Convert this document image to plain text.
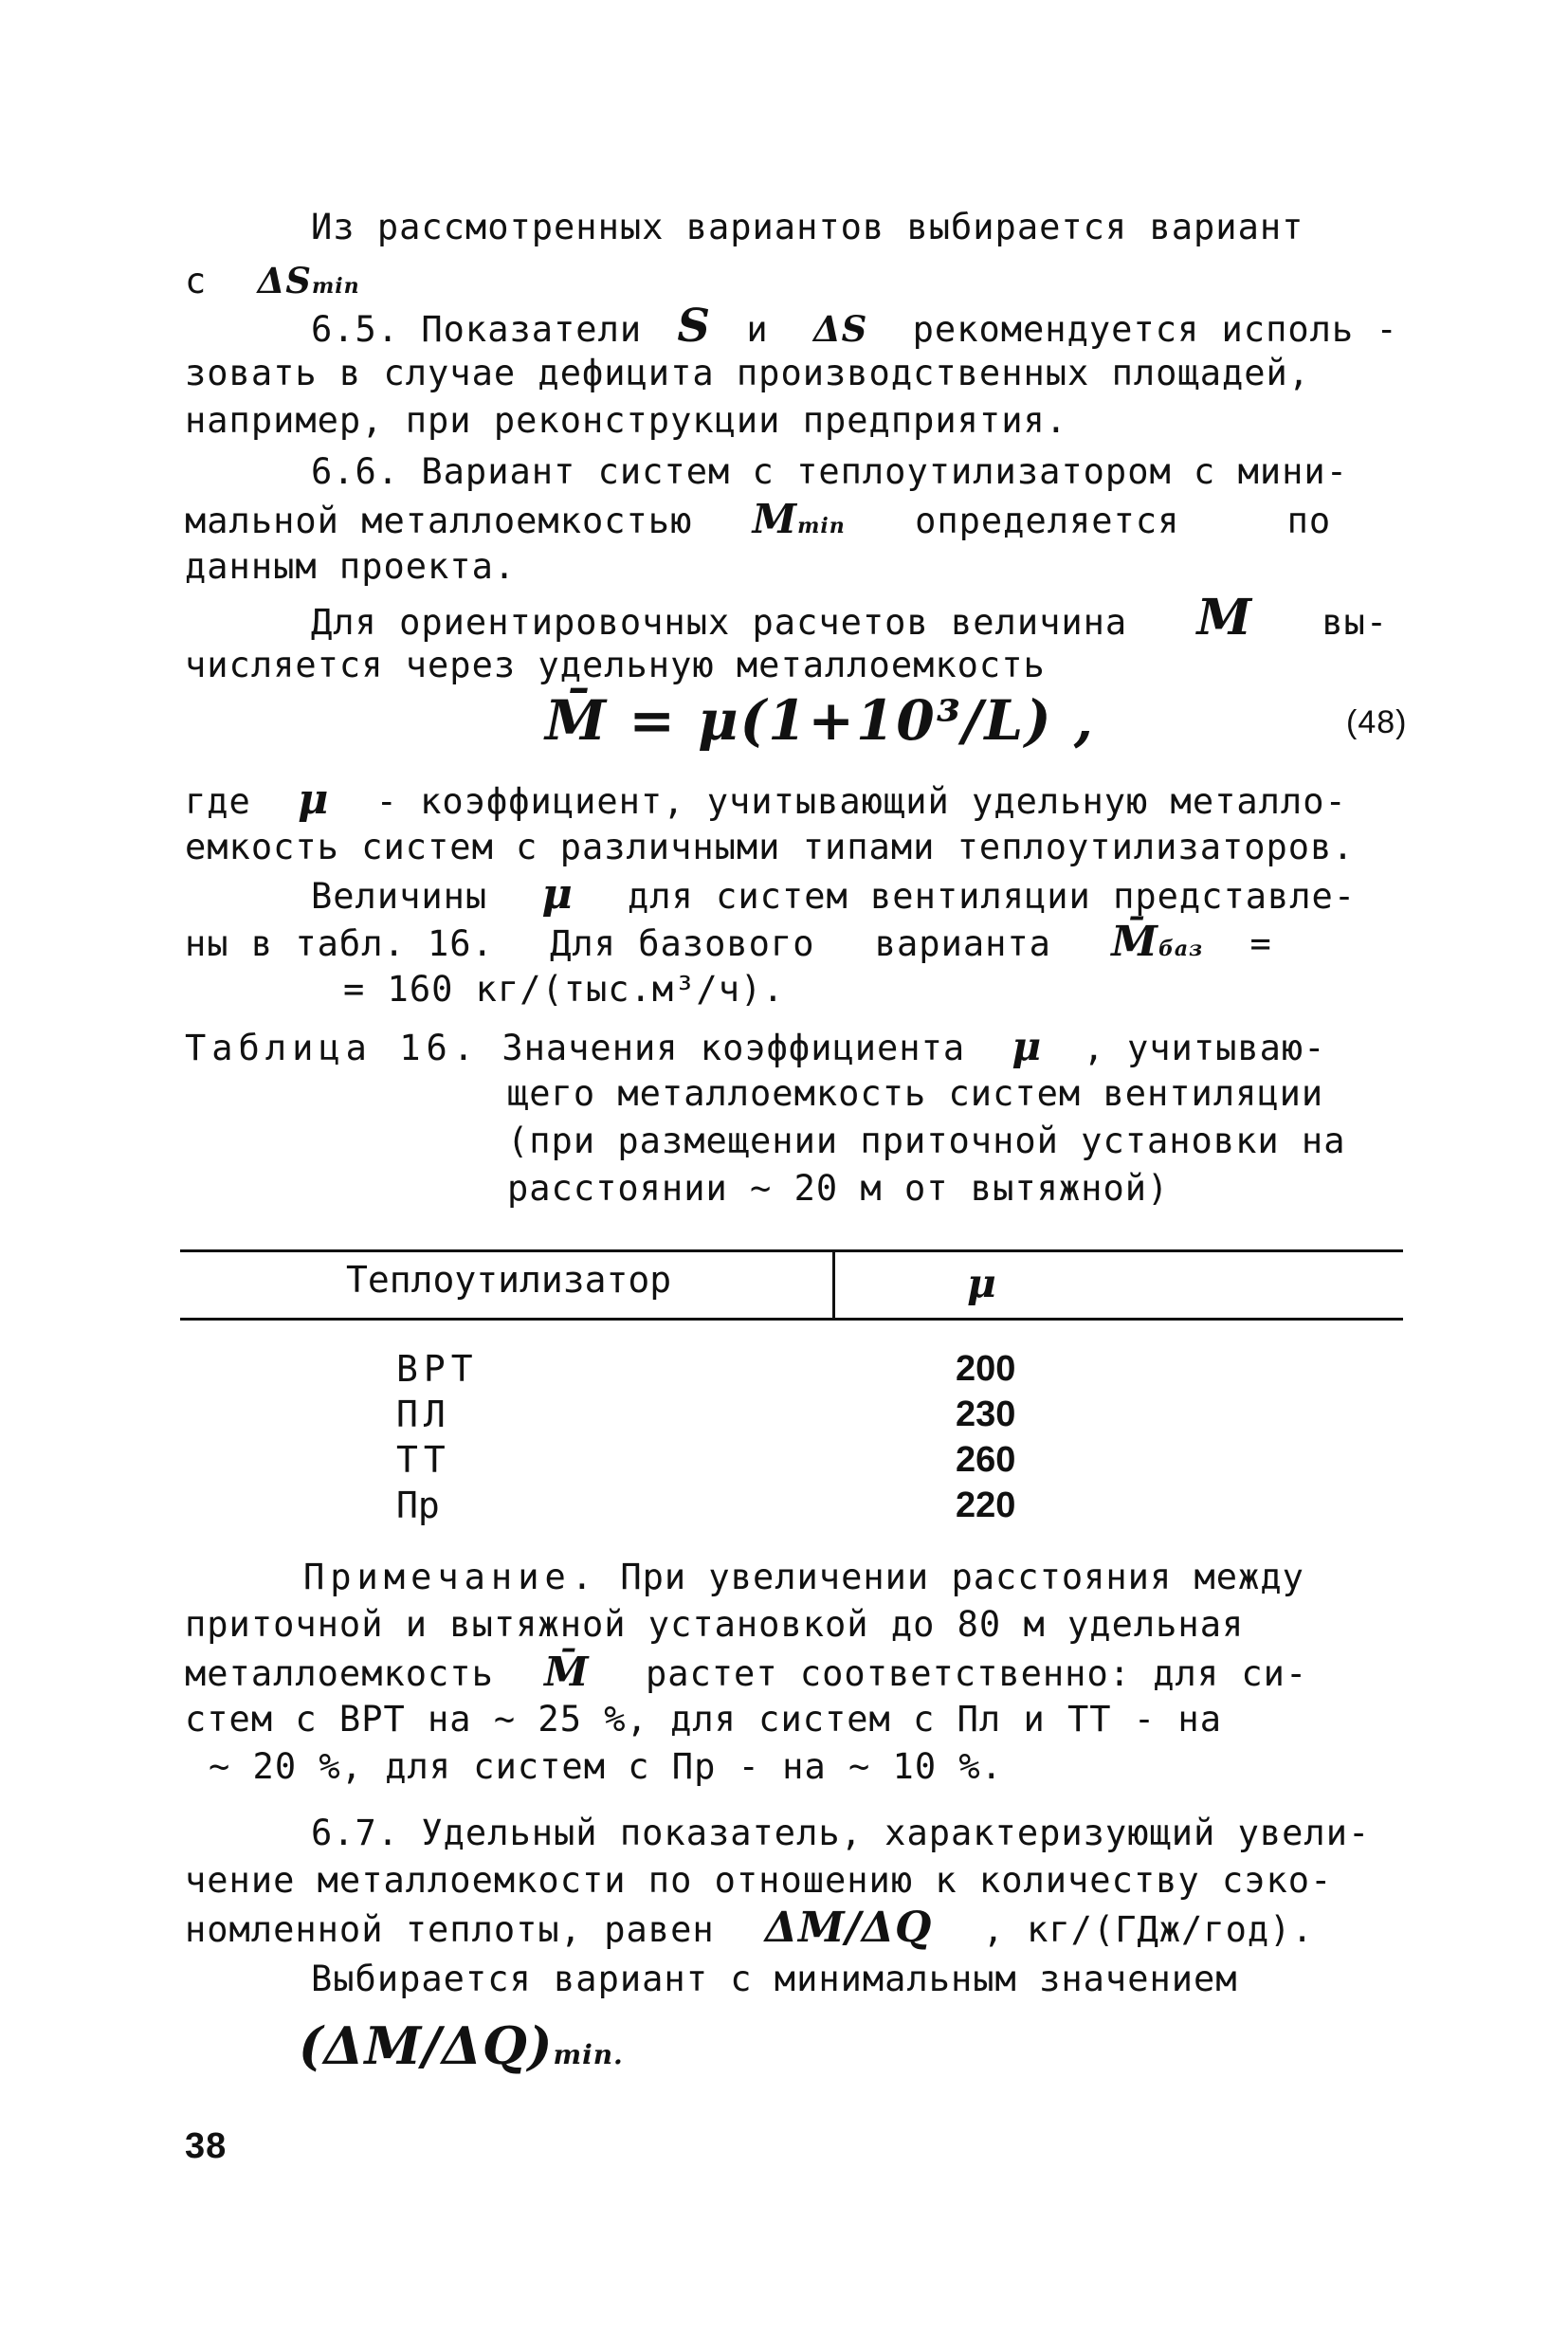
Из рассмотренных вариантов выбирается вариант
с ΔSmin
6.5. Показатели S и ΔS рекомендуется исполь -
зовать в случае дефицита производственных площадей,
например, при реконструкции предприятия.
6.6. Вариант систем с теплоутилизатором с мини-
мальной металлоемкостью Mmin определяется	по
данным проекта.
Для ориентировочных расчетов величина M вы-
числяется через удельную металлоемкость
M̄ = μ(1+10³/L) ,	(48)
где μ - коэффициент, учитывающий удельную металло-
емкость систем с различными типами теплоутилизаторов.
Величины μ для систем вентиляции представле-
ны в табл. 16. Для базового варианта M̄баз =
= 160 кг/(тыс.м³/ч).
Таблица 16. Значения коэффициента μ , учитываю-
щего металлоемкость систем вентиляции
(при размещении приточной установки на
расстоянии ~ 20 м от вытяжной)
Теплоутилизатор	μ
ВРТ	200
ПЛ	230
ТТ	260
Пр	220
Примечание. При увеличении расстояния между
приточной и вытяжной установкой до 80 м удельная
металлоемкость M̄ растет соответственно: для си-
стем с ВРТ на ~ 25 %, для систем с Пл и ТТ - на
~ 20 %, для систем с Пр - на ~ 10 %.
6.7. Удельный показатель, характеризующий увели-
чение металлоемкости по отношению к количеству сэко-
номленной теплоты, равен ΔM/ΔQ , кг/(ГДж/год).
Выбирается вариант с минимальным значением
(ΔM/ΔQ)min.
38
